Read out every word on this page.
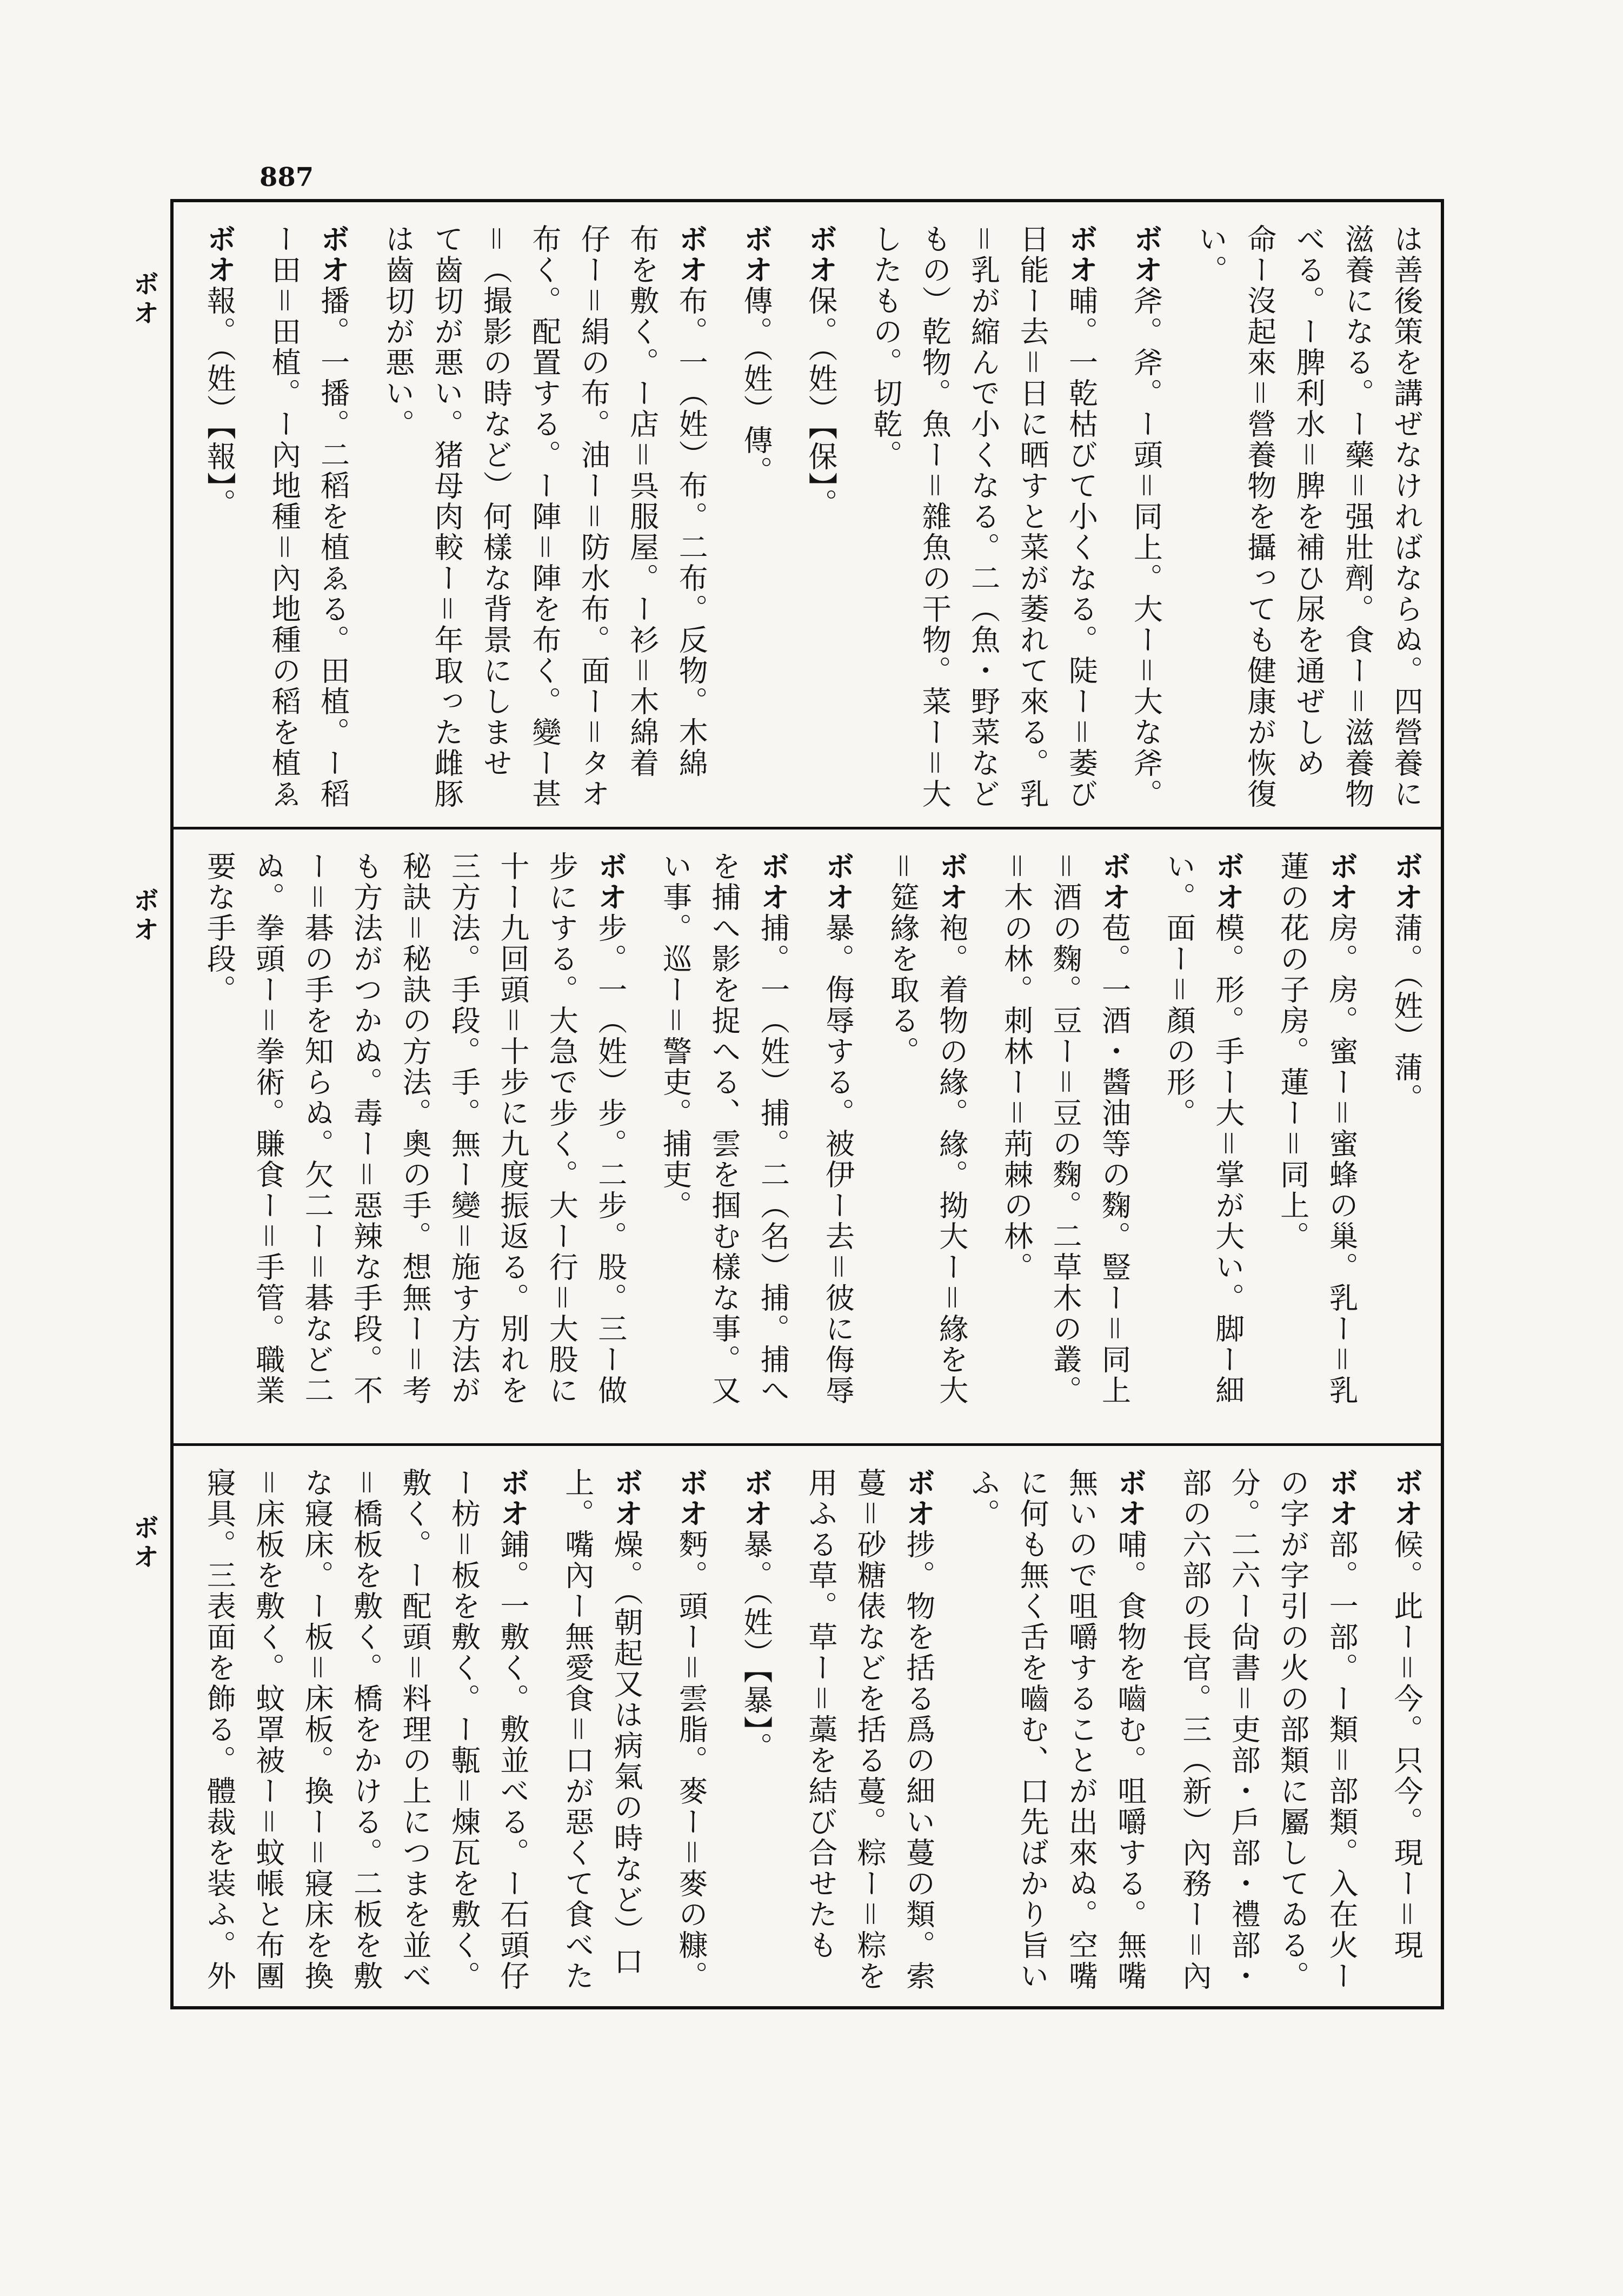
887
ボオ
ボオ
ボオ
は善後策を講ぜなければならぬ。四營養に
滋養になる。ー藥＝强壯劑。食ー＝滋養物
べる。ー脾利水＝脾を補ひ尿を通ぜしめ
命ー沒起來＝營養物を攝っても健康が恢復
い。
ボオ斧。斧。ー頭＝同上。大ー＝大な斧。
ボオ晡。一乾枯びて小くなる。陡ー＝萎び
日能ー去＝日に晒すと菜が萎れて來る。乳
＝乳が縮んで小くなる。二（魚・野菜など
もの）乾物。魚ー＝雜魚の干物。菜ー＝大
したもの。切乾。
ボオ保。（姓）【保】。
ボオ傳。（姓）傳。
ボオ布。一（姓）布。二布。反物。木綿
布を敷く。ー店＝呉服屋。ー衫＝木綿着
仔ー＝絹の布。油ー＝防水布。面ー＝タオ
布く。配置する。ー陣＝陣を布く。變ー甚
＝（撮影の時など）何樣な背景にしませ
て齒切が悪い。猪母肉較ー＝年取った雌豚
は齒切が悪い。
ボオ播。一播。二稻を植ゑる。田植。ー稻
ー田＝田植。ー內地種＝內地種の稻を植ゑ
ボオ報。（姓）【報】。
ボオ蒲。（姓）蒲。
ボオ房。房。蜜ー＝蜜蜂の巢。乳ー＝乳
蓮の花の子房。蓮ー＝同上。
ボオ模。形。手ー大＝掌が大い。脚ー細
い。面ー＝顏の形。
ボオ苞。一酒・醬油等の麴。豎ー＝同上
＝酒の麴。豆ー＝豆の麴。二草木の叢。
＝木の林。刺林ー＝荊棘の林。
ボオ袍。着物の緣。緣。拗大ー＝緣を大
＝筵緣を取る。
ボオ暴。侮辱する。被伊ー去＝彼に侮辱
ボオ捕。一（姓）捕。二（名）捕。捕へ
を捕へ影を捉へる、雲を掴む樣な事。又
い事。巡ー＝警吏。捕吏。
ボオ步。一（姓）步。二步。股。三ー做
步にする。大急で步く。大ー行＝大股に
十ー九回頭＝十步に九度振返る。別れを
三方法。手段。手。無ー變＝施す方法が
秘訣＝秘訣の方法。奧の手。想無ー＝考
も方法がつかぬ。毒ー＝惡辣な手段。不
ー＝碁の手を知らぬ。欠二ー＝碁など二
ぬ。拳頭ー＝拳術。賺食ー＝手管。職業
要な手段。
ボオ候。此ー＝今。只今。現ー＝現
ボオ部。一部。ー類＝部類。入在火ー
の字が字引の火の部類に屬してゐる。
分。二六ー尙書＝吏部・戶部・禮部・
部の六部の長官。三（新）內務ー＝內
ボオ哺。食物を嚙む。咀嚼する。無嘴
無いので咀嚼することが出來ぬ。空嘴
に何も無く舌を嚙む、口先ばかり旨い
ふ。
ボオ捗。物を括る爲の細い蔓の類。索
蔓＝砂糖俵などを括る蔓。粽ー＝粽を
用ふる草。草ー＝藁を結び合せたも
ボオ暴。（姓）【暴】。
ボオ麪。頭ー＝雲脂。麥ー＝麥の糠。
ボオ燥。（朝起又は病氣の時など）口
上。嘴內ー無愛食＝口が惡くて食べた
ボオ鋪。一敷く。敷並べる。ー石頭仔
ー枋＝板を敷く。ー甎＝煉瓦を敷く。
敷く。ー配頭＝料理の上につまを並べ
＝橋板を敷く。橋をかける。二板を敷
な寢床。ー板＝床板。換ー＝寢床を換
＝床板を敷く。蚊罩被ー＝蚊帳と布團
寢具。三表面を飾る。體裁を装ふ。外
